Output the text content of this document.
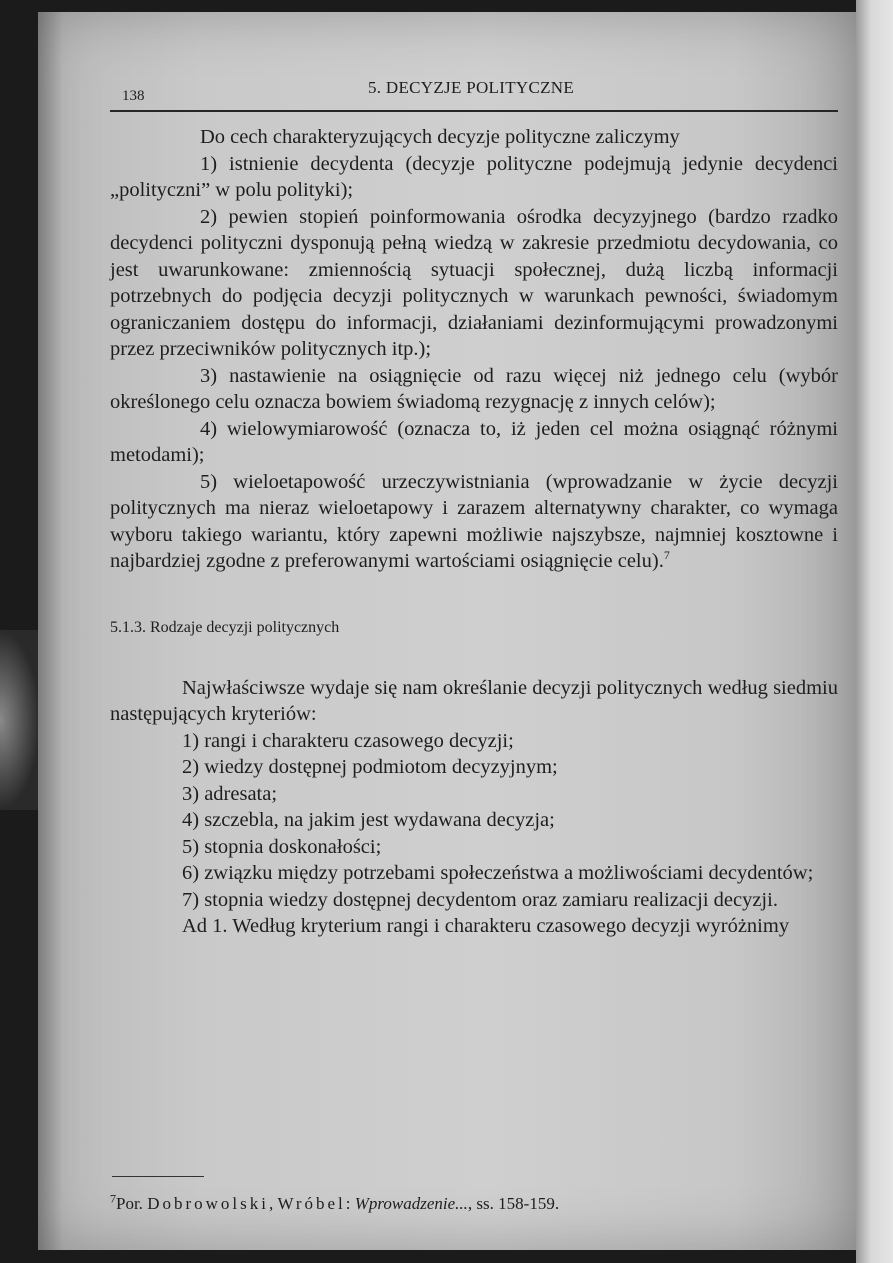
138	5. DECYZJE POLITYCZNE

Do cech charakteryzujących decyzje polityczne zaliczymy

1) istnienie decydenta (decyzje polityczne podejmują jedynie decydenci „polityczni” w polu polityki);

2) pewien stopień poinformowania ośrodka decyzyjnego (bardzo rzadko decydenci polityczni dysponują pełną wiedzą w zakresie przedmiotu decydowania, co jest uwarunkowane: zmiennością sytuacji społecznej, dużą liczbą informacji potrzebnych do podjęcia decyzji politycznych w warunkach pewności, świadomym ograniczaniem dostępu do informacji, działaniami dezinformującymi prowadzonymi przez przeciwników politycznych itp.);

3) nastawienie na osiągnięcie od razu więcej niż jednego celu (wybór określonego celu oznacza bowiem świadomą rezygnację z innych celów);

4) wielowymiarowość (oznacza to, iż jeden cel można osiągnąć różnymi metodami);

5) wieloetapowość urzeczywistniania (wprowadzanie w życie decyzji politycznych ma nieraz wieloetapowy i zarazem alternatywny charakter, co wymaga wyboru takiego wariantu, który zapewni możliwie najszybsze, najmniej kosztowne i najbardziej zgodne z preferowanymi wartościami osiągnięcie celu).$^7$

5.1.3. Rodzaje decyzji politycznych

Najwłaściwsze wydaje się nam określanie decyzji politycznych według siedmiu następujących kryteriów:

1) rangi i charakteru czasowego decyzji;

2) wiedzy dostępnej podmiotom decyzyjnym;

3) adresata;

4) szczebla, na jakim jest wydawana decyzja;

5) stopnia doskonałości;

6) związku między potrzebami społeczeństwa a możliwościami decydentów;

7) stopnia wiedzy dostępnej decydentom oraz zamiaru realizacji decyzji.

Ad 1. Według kryterium rangi i charakteru czasowego decyzji wyróżnimy

$^7$Por. Dobrowolski, Wróbel: Wprowadzenie..., ss. 158-159.
